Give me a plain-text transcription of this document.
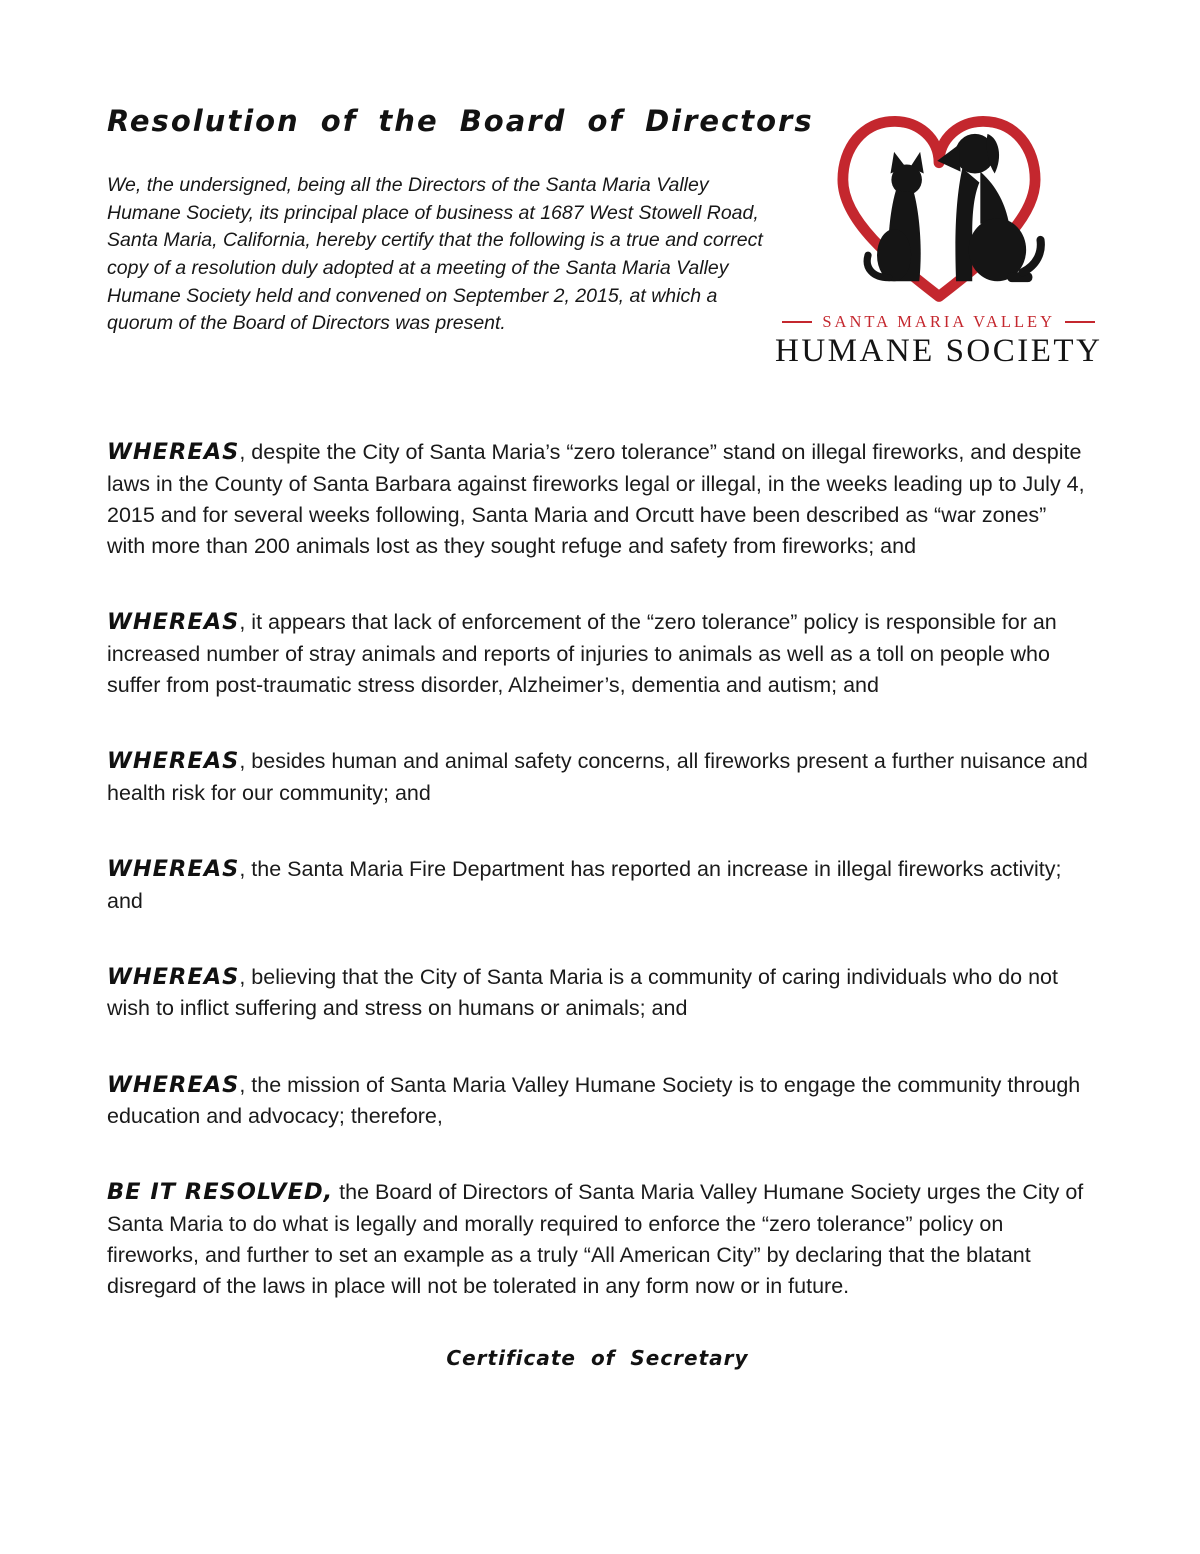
Resolution of the Board of Directors

We, the undersigned, being all the Directors of the Santa Maria Valley Humane Society, its principal place of business at 1687 West Stowell Road, Santa Maria, California, hereby certify that the following is a true and correct copy of a resolution duly adopted at a meeting of the Santa Maria Valley Humane Society held and convened on September 2, 2015, at which a quorum of the Board of Directors was present.	SANTA MARIA VALLEY
HUMANE SOCIETY

WHEREAS, despite the City of Santa Maria’s “zero tolerance” stand on illegal fireworks, and despite laws in the County of Santa Barbara against fireworks legal or illegal, in the weeks leading up to July 4, 2015 and for several weeks following, Santa Maria and Orcutt have been described as “war zones” with more than 200 animals lost as they sought refuge and safety from fireworks; and

WHEREAS, it appears that lack of enforcement of the “zero tolerance” policy is responsible for an increased number of stray animals and reports of injuries to animals as well as a toll on people who suffer from post-traumatic stress disorder, Alzheimer’s, dementia and autism; and

WHEREAS, besides human and animal safety concerns, all fireworks present a further nuisance and health risk for our community; and

WHEREAS, the Santa Maria Fire Department has reported an increase in illegal fireworks activity; and

WHEREAS, believing that the City of Santa Maria is a community of caring individuals who do not wish to inflict suffering and stress on humans or animals; and

WHEREAS, the mission of Santa Maria Valley Humane Society is to engage the community through education and advocacy; therefore,

BE IT RESOLVED, the Board of Directors of Santa Maria Valley Humane Society urges the City of Santa Maria to do what is legally and morally required to enforce the “zero tolerance” policy on fireworks, and further to set an example as a truly “All American City” by declaring that the blatant disregard of the laws in place will not be tolerated in any form now or in future.

Certificate of Secretary
